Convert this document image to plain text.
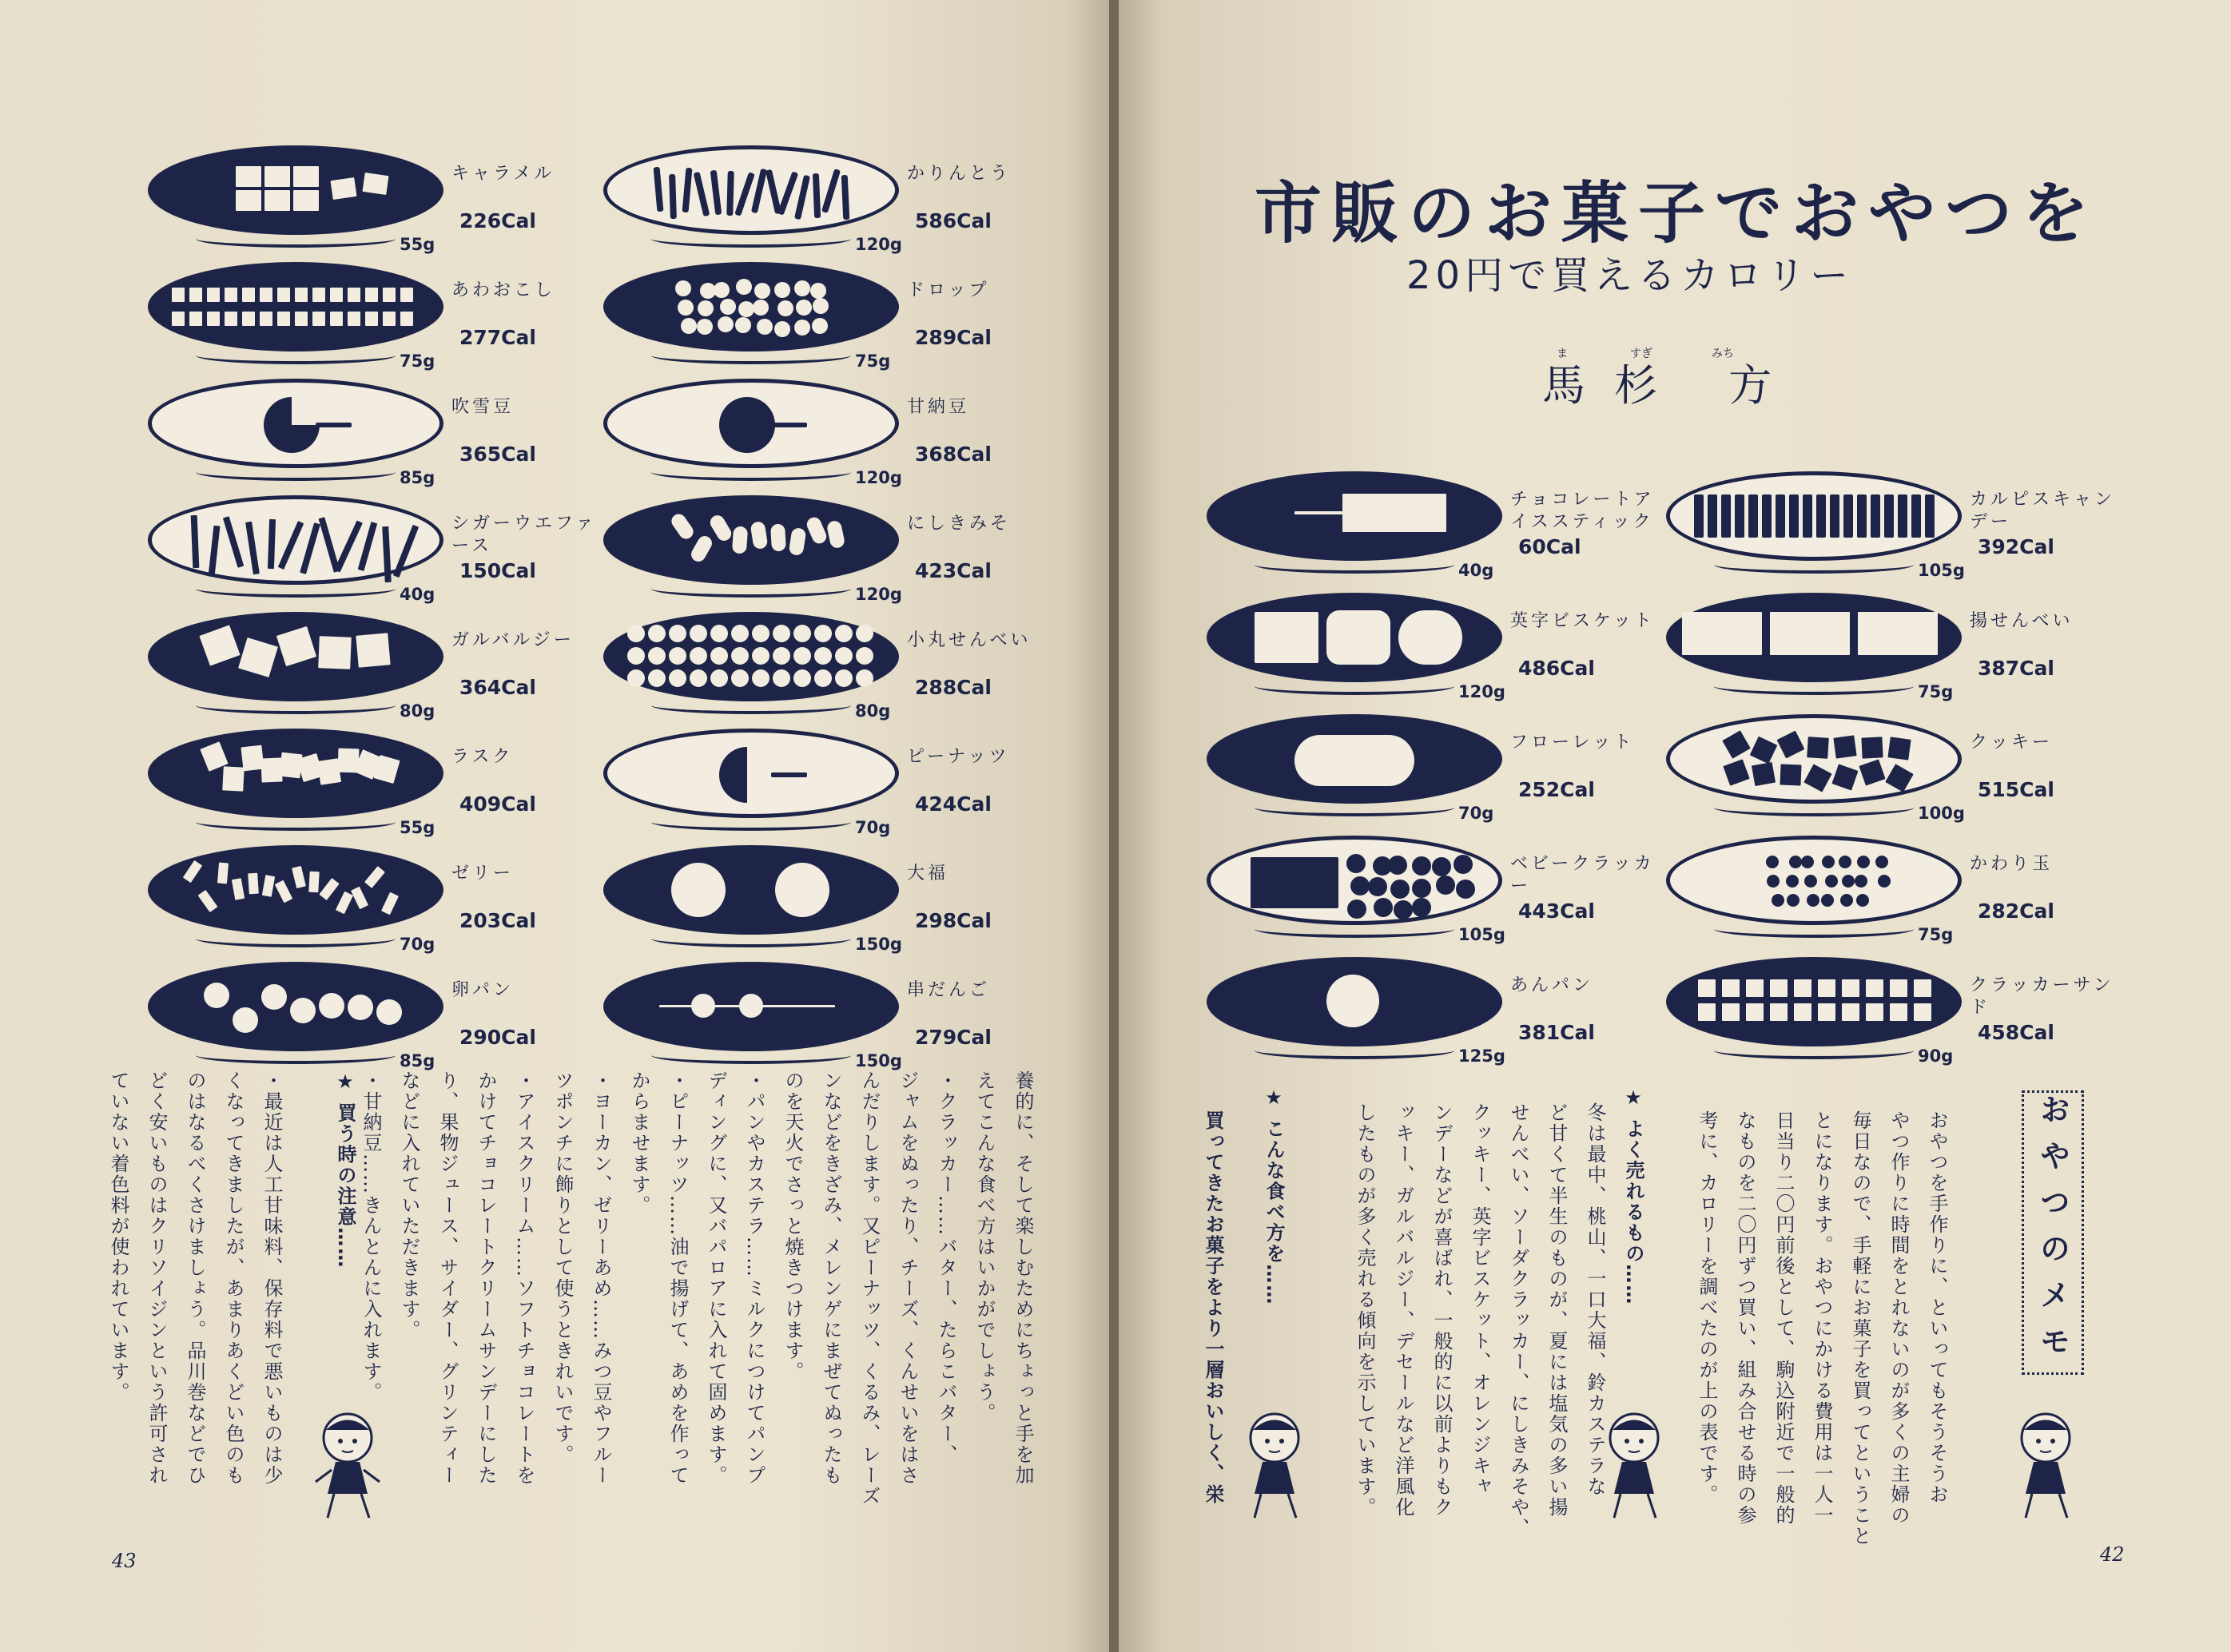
キャラメル
226Cal
55g
あわおこし
277Cal
75g
吹雪豆
365Cal
85g
シガーウエファース
150Cal
40g
ガルバルジー
364Cal
80g
ラスク
409Cal
55g
ゼリー
203Cal
70g
卵パン
290Cal
85g
かりんとう
586Cal
120g
ドロップ
289Cal
75g
甘納豆
368Cal
120g
にしきみそ
423Cal
120g
小丸せんべい
288Cal
80g
ピーナッツ
424Cal
70g
大福
298Cal
150g
串だんご
279Cal
150g
養的に、そして楽しむためにちょっと手を加
えてこんな食べ方はいかがでしょう。
・クラッカー……バター、たらこバター、
ジャムをぬったり、チーズ、くんせいをはさ
んだりします。又ピーナッツ、くるみ、レーズ
ンなどをきざみ、メレンゲにまぜてぬったも
のを天火でさっと焼きつけます。
・パンやカステラ……ミルクにつけてパンプ
ディングに、又バパロアに入れて固めます。
・ピーナッツ……油で揚げて、あめを作って
からませます。
・ヨーカン、ゼリーあめ……みつ豆やフルー
ツポンチに飾りとして使うときれいです。
・アイスクリーム……ソフトチョコレートを
かけてチョコレートクリームサンデーにした
り、果物ジュース、サイダー、グリンティー
などに入れていただきます。
・甘納豆……きんとんに入れます。
★ 買う時の注意……
・最近は人工甘味料、保存料で悪いものは少
くなってきましたが、あまりあくどい色のも
のはなるべくさけましょう。品川巻などでひ
どく安いものはクリソイジンという許可され
ていない着色料が使われています。
43
市販のお菓子でおやつを
20円で買えるカロリー
ま	すぎ	みち
馬杉 方
チョコレートアイススティック
60Cal
40g
英字ビスケット
486Cal
120g
フローレット
252Cal
70g
ベビークラッカー
443Cal
105g
あんパン
381Cal
125g
カルピスキャンデー
392Cal
105g
揚せんべい
387Cal
75g
クッキー
515Cal
100g
かわり玉
282Cal
75g
クラッカーサンド
458Cal
90g
おやつのメモ
おやつを手作りに、といってもそうそうお
やつ作りに時間をとれないのが多くの主婦の
毎日なので、手軽にお菓子を買ってということ
とになります。おやつにかける費用は一人一
日当り二〇円前後として、駒込附近で一般的
なものを二〇円ずつ買い、組み合せる時の参
考に、カロリーを調べたのが上の表です。
★ よく売れるもの……
冬は最中、桃山、一口大福、鈴カステラな
ど甘くて半生のものが、夏には塩気の多い揚
せんべい、ソーダクラッカー、にしきみそや、
クッキー、英字ビスケット、オレンジキャ
ンデーなどが喜ばれ、一般的に以前よりもク
ッキー、ガルバルジー、デセールなど洋風化
したものが多く売れる傾向を示しています。
★ こんな食べ方を……
買ってきたお菓子をより一層おいしく、栄
42
